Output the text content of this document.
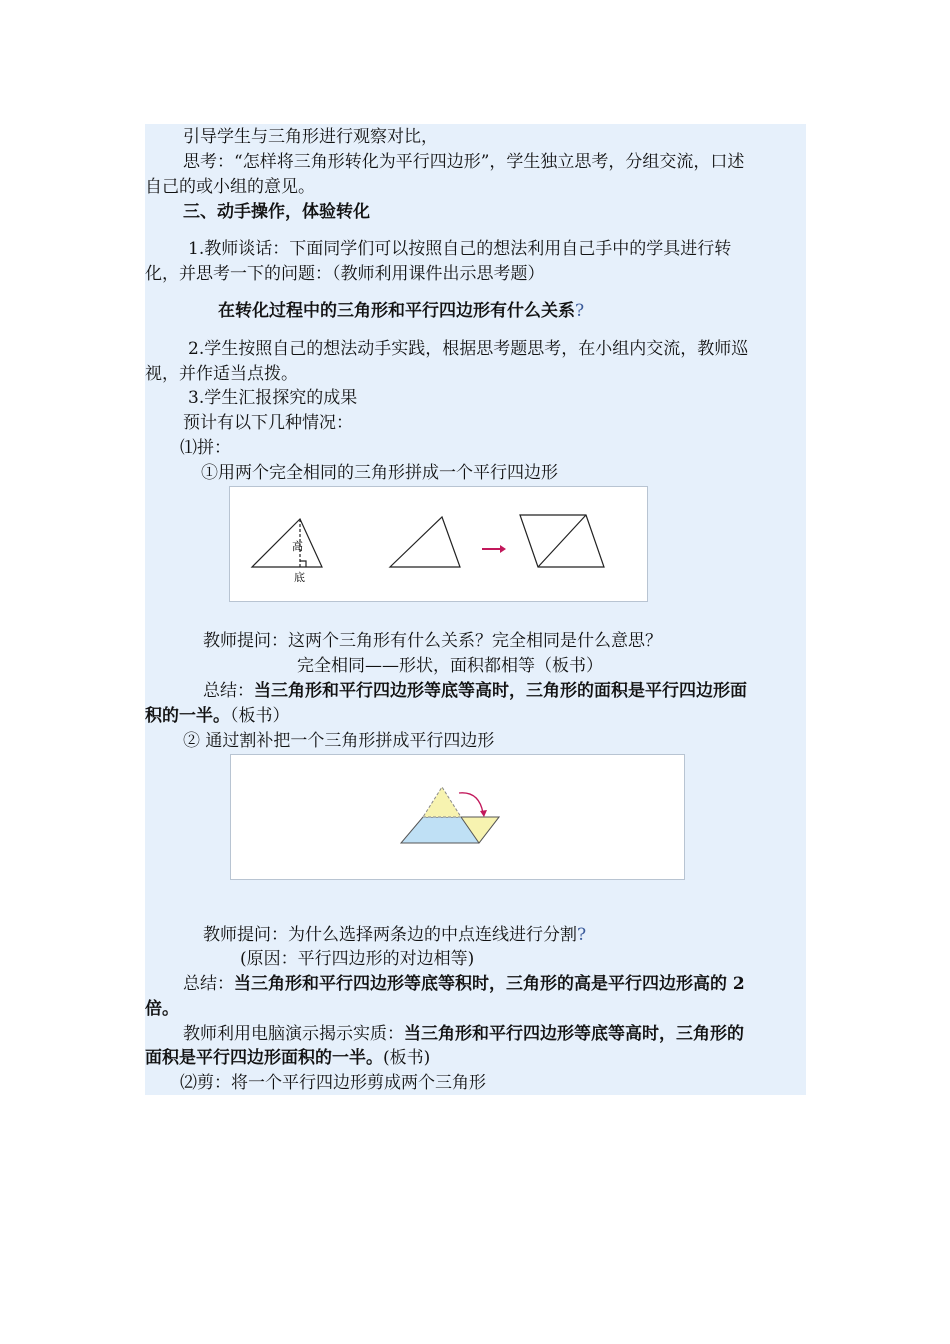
引导学生与三角形进行观察对比，
思考：“怎样将三角形转化为平行四边形”，学生独立思考，分组交流，口述
自己的或小组的意见。
三、动手操作，体验转化
1.教师谈话：下面同学们可以按照自己的想法利用自己手中的学具进行转
化，并思考一下的问题：（教师利用课件出示思考题）
在转化过程中的三角形和平行四边形有什么关系?
2.学生按照自己的想法动手实践，根据思考题思考，在小组内交流，教师巡
视，并作适当点拨。
3.学生汇报探究的成果
预计有以下几种情况：
⑴拼：
①用两个完全相同的三角形拼成一个平行四边形
高
底
教师提问：这两个三角形有什么关系？完全相同是什么意思？
完全相同——形状，面积都相等（板书）
总结：当三角形和平行四边形等底等高时，三角形的面积是平行四边形面
积的一半。（板书）
② 通过割补把一个三角形拼成平行四边形
教师提问：为什么选择两条边的中点连线进行分割?
(原因：平行四边形的对边相等)
总结：当三角形和平行四边形等底等积时，三角形的高是平行四边形高的 2
倍。
教师利用电脑演示揭示实质：当三角形和平行四边形等底等高时，三角形的
面积是平行四边形面积的一半。(板书)
⑵剪：将一个平行四边形剪成两个三角形
